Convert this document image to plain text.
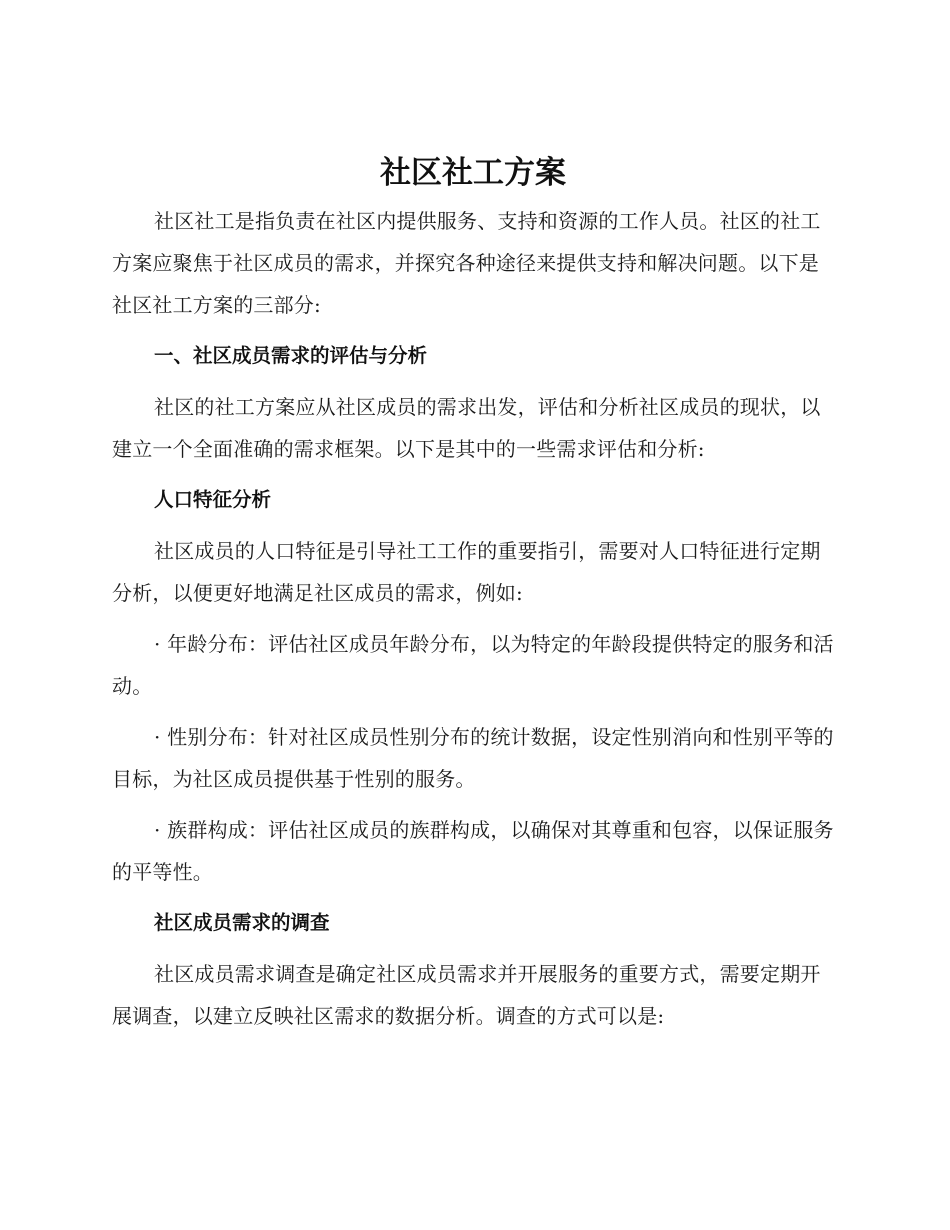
社区社工方案

社区社工是指负责在社区内提供服务、支持和资源的工作人员。社区的社工方案应聚焦于社区成员的需求，并探究各种途径来提供支持和解决问题。以下是社区社工方案的三部分:

一、社区成员需求的评估与分析

社区的社工方案应从社区成员的需求出发，评估和分析社区成员的现状，以建立一个全面准确的需求框架。以下是其中的一些需求评估和分析:

人口特征分析

社区成员的人口特征是引导社工工作的重要指引，需要对人口特征进行定期分析，以便更好地满足社区成员的需求，例如:

· 年龄分布：评估社区成员年龄分布，以为特定的年龄段提供特定的服务和活动。

· 性别分布：针对社区成员性别分布的统计数据，设定性别消向和性别平等的目标，为社区成员提供基于性别的服务。

· 族群构成：评估社区成员的族群构成，以确保对其尊重和包容，以保证服务的平等性。

社区成员需求的调查

社区成员需求调查是确定社区成员需求并开展服务的重要方式，需要定期开展调查，以建立反映社区需求的数据分析。调查的方式可以是:
